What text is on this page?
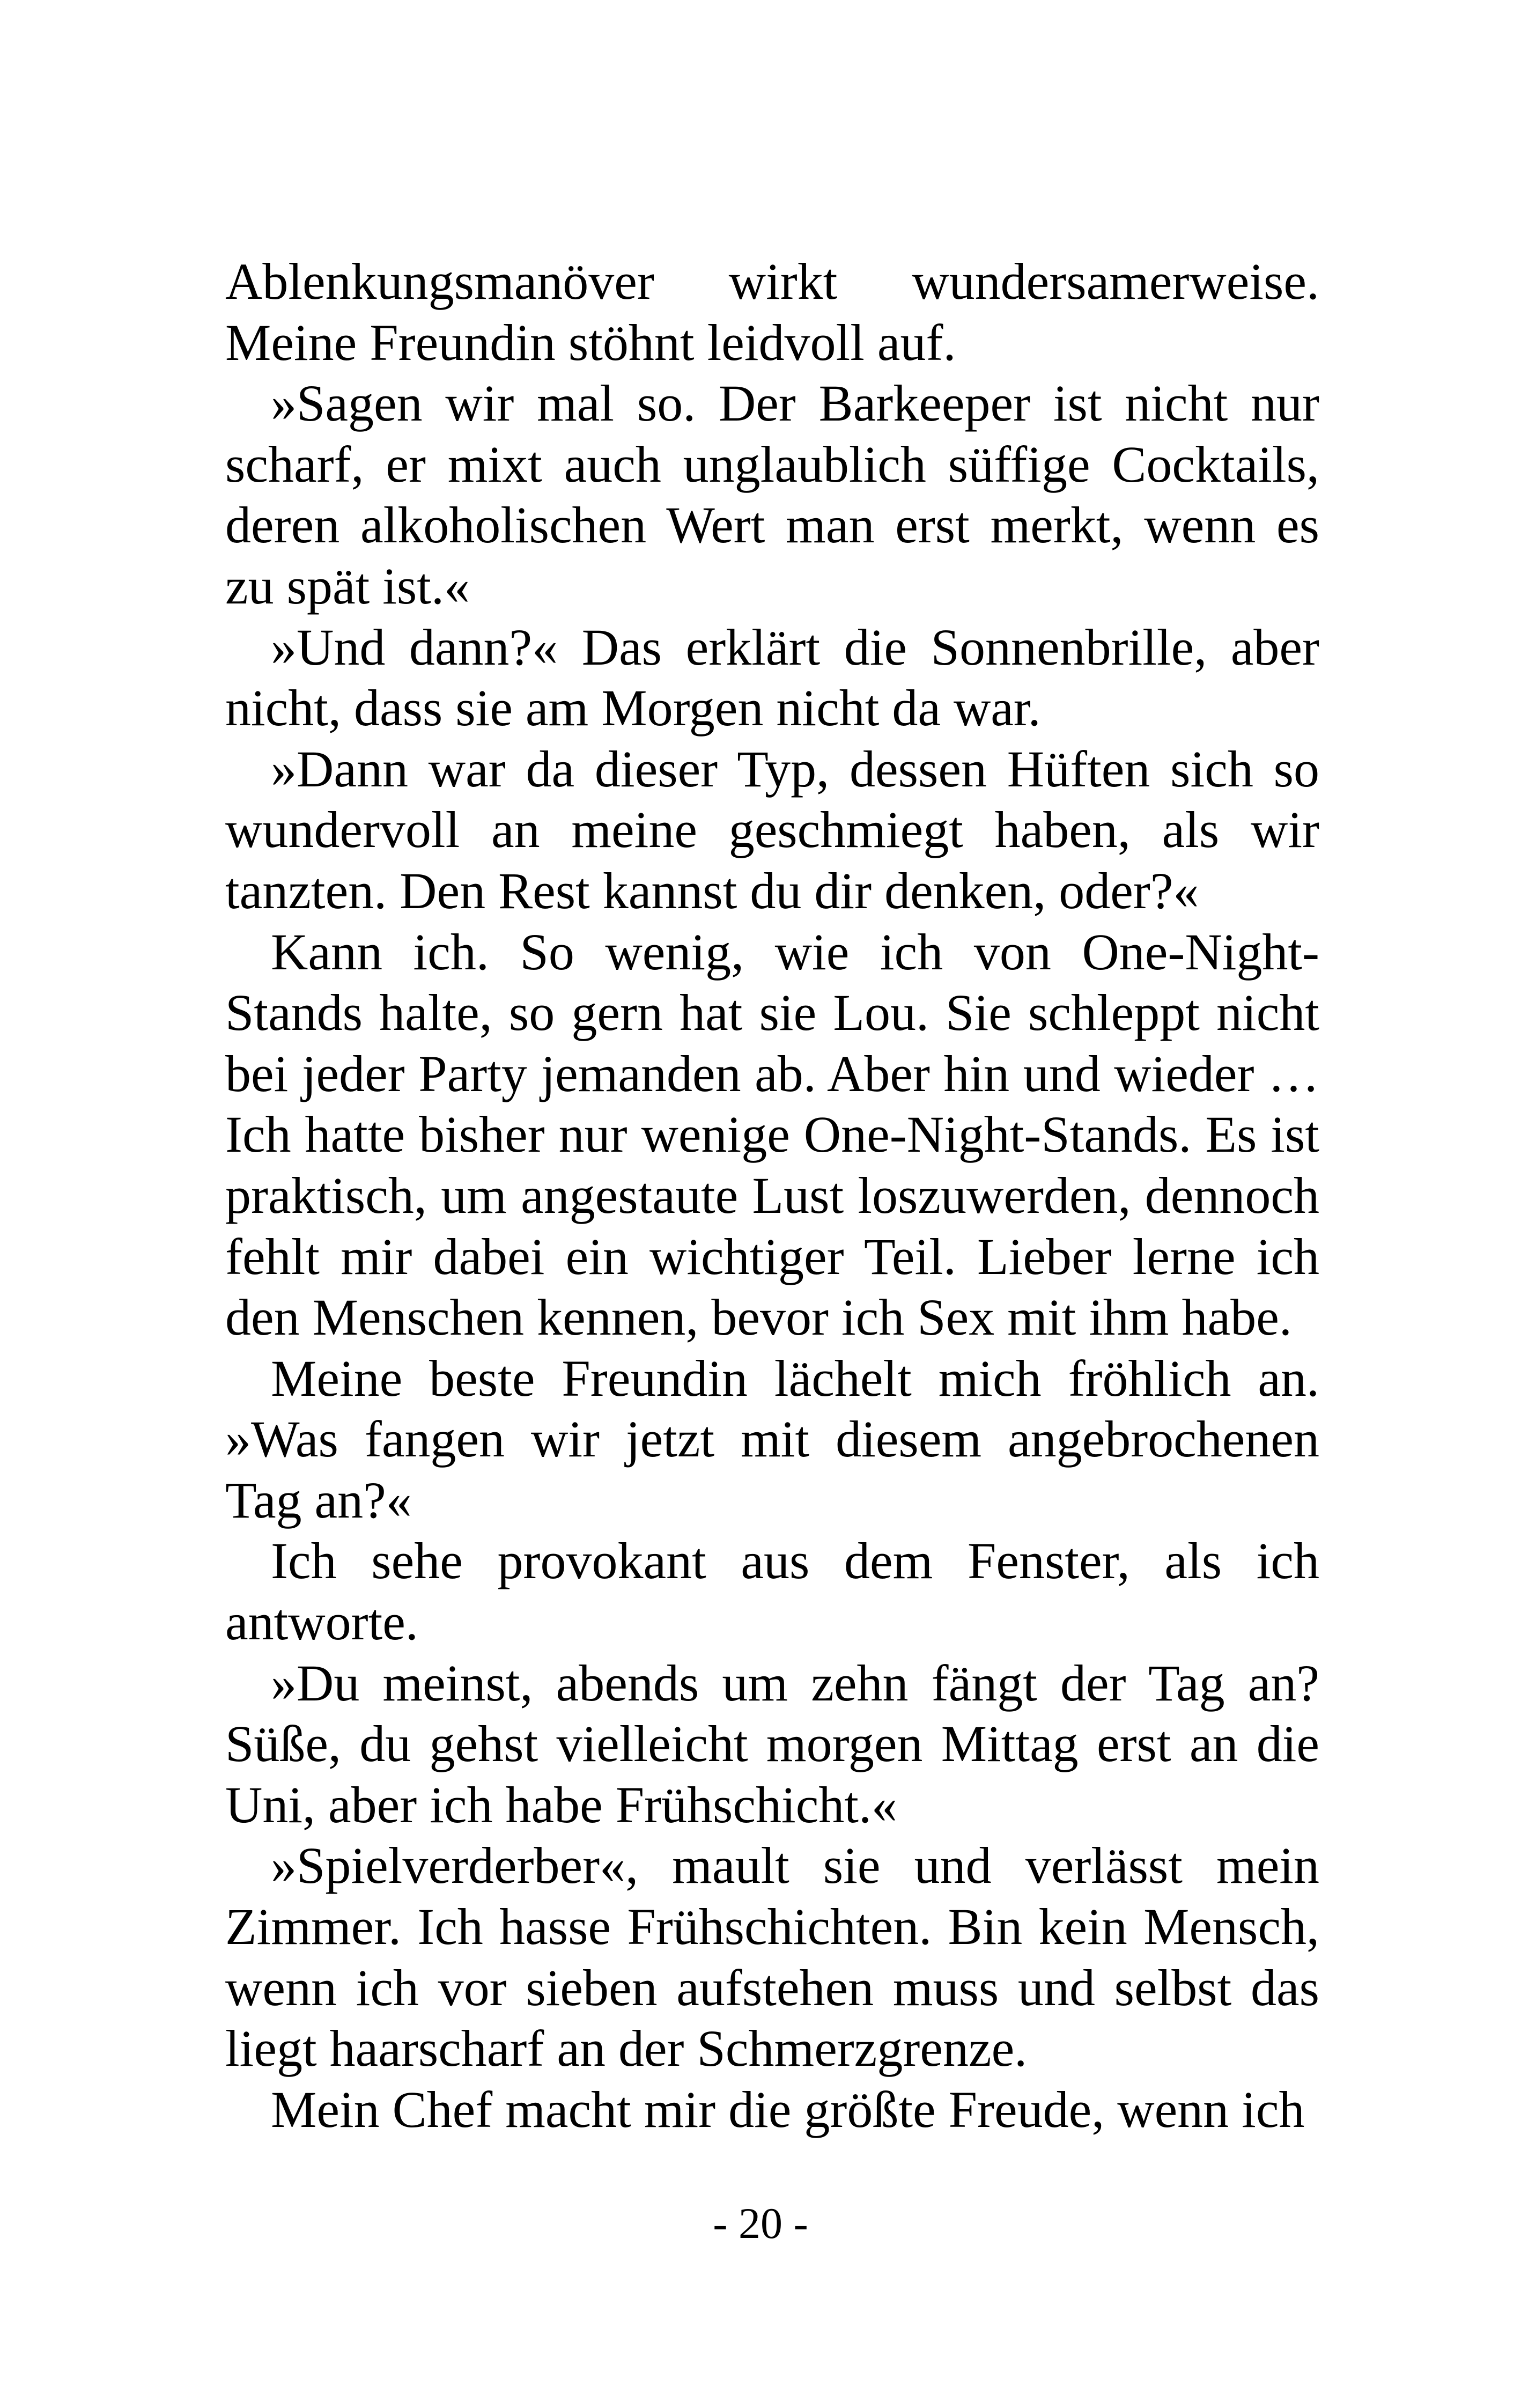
Ablenkungsmanöver wirkt wundersamerweise. Meine Freundin stöhnt leidvoll auf.

»Sagen wir mal so. Der Barkeeper ist nicht nur scharf, er mixt auch unglaublich süffige Cocktails, deren alkoholischen Wert man erst merkt, wenn es zu spät ist.«

»Und dann?« Das erklärt die Sonnenbrille, aber nicht, dass sie am Morgen nicht da war.

»Dann war da dieser Typ, dessen Hüften sich so wundervoll an meine geschmiegt haben, als wir tanzten. Den Rest kannst du dir denken, oder?«

Kann ich. So wenig, wie ich von One-Night-Stands halte, so gern hat sie Lou. Sie schleppt nicht bei jeder Party jemanden ab. Aber hin und wieder … Ich hatte bisher nur wenige One-Night-Stands. Es ist praktisch, um angestaute Lust loszuwerden, dennoch fehlt mir dabei ein wichtiger Teil. Lieber lerne ich den Menschen kennen, bevor ich Sex mit ihm habe.

Meine beste Freundin lächelt mich fröhlich an. »Was fangen wir jetzt mit diesem angebrochenen Tag an?«

Ich sehe provokant aus dem Fenster, als ich antworte.

»Du meinst, abends um zehn fängt der Tag an? Süße, du gehst vielleicht morgen Mittag erst an die Uni, aber ich habe Frühschicht.«

»Spielverderber«, mault sie und verlässt mein Zimmer. Ich hasse Frühschichten. Bin kein Mensch, wenn ich vor sieben aufstehen muss und selbst das liegt haarscharf an der Schmerzgrenze.

Mein Chef macht mir die größte Freude, wenn ich

- 20 -
